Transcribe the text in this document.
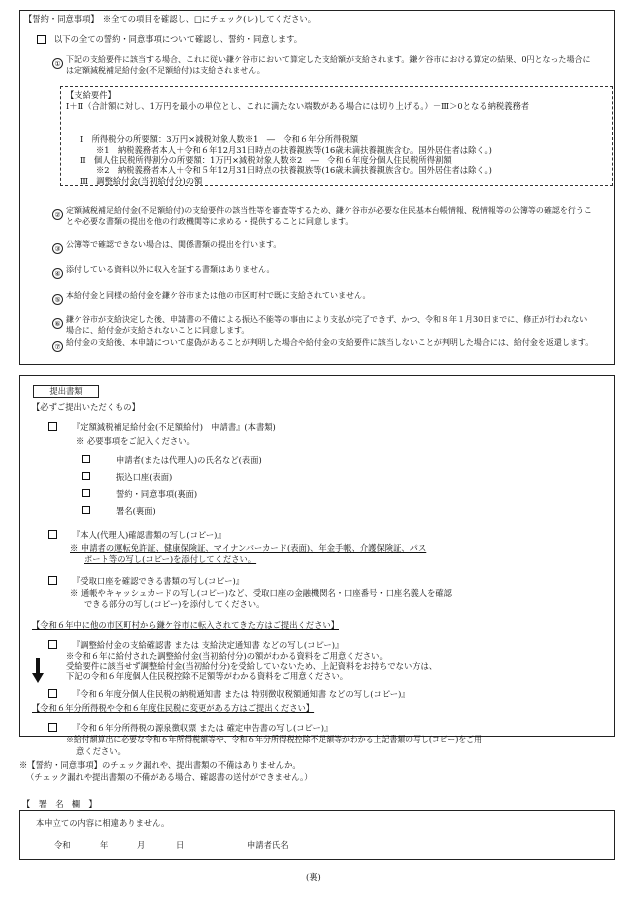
【誓約・同意事項】　※全ての項目を確認し、□にチェック(レ)してください。
以下の全ての誓約・同意事項について確認し、誓約・同意します。
① 下記の支給要件に該当する場合、これに従い鎌ケ谷市において算定した支給額が支給されます。鎌ケ谷市における算定の結果、0円となった場合には定額減税補足給付金(不足額給付)は支給されません。
【支給要件】
Ⅰ＋Ⅱ（合計額に対し、1万円を最小の単位とし、これに満たない端数がある場合には切り上げる。）－Ⅲ＞0となる納税義務者
Ⅰ　所得税分の所要額：3万円×減税対象人数※1　―　令和６年分所得税額
※1　納税義務者本人＋令和６年12月31日時点の扶養親族等(16歳未満扶養親族含む。国外居住者は除く。)
Ⅱ　個人住民税所得割分の所要額：1万円×減税対象人数※2　―　令和６年度分個人住民税所得割額
※2　納税義務者本人＋令和５年12月31日時点の扶養親族等(16歳未満扶養親族含む。国外居住者は除く。)
Ⅲ　調整給付金(当初給付分)の額
② 定額減税補足給付金(不足額給付)の支給要件の該当性等を審査等するため、鎌ケ谷市が必要な住民基本台帳情報、税情報等の公簿等の確認を行うことや必要な書類の提出を他の行政機関等に求める・提供することに同意します。
③ 公簿等で確認できない場合は、関係書類の提出を行います。
④ 添付している資料以外に収入を証する書類はありません。
⑤ 本給付金と同様の給付金を鎌ケ谷市または他の市区町村で既に支給されていません。
⑥ 鎌ケ谷市が支給決定した後、申請書の不備による振込不能等の事由により支払が完了できず、かつ、令和８年１月30日までに、修正が行われない場合に、給付金が支給されないことに同意します。
⑦ 給付金の支給後、本申請について虚偽があることが判明した場合や給付金の支給要件に該当しないことが判明した場合には、給付金を返還します。
提出書類
【必ずご提出いただくもの】
『定額減税補足給付金(不足額給付)　申請書』(本書類)
※ 必要事項をご記入ください。
申請者(または代理人)の氏名など(表面)
振込口座(表面)
誓約・同意事項(裏面)
署名(裏面)
『本人(代理人)確認書類の写し(コピー)』
※ 申請者の運転免許証、健康保険証、マイナンバーカード(表面)、年金手帳、介護保険証、パス
ポート等の写し(コピー)を添付してください。
『受取口座を確認できる書類の写し(コピー)』
※ 通帳やキャッシュカードの写し(コピー)など、受取口座の金融機関名・口座番号・口座名義人を確認
できる部分の写し(コピー)を添付してください。
【令和６年中に他の市区町村から鎌ケ谷市に転入されてきた方はご提出ください】
『調整給付金の支給確認書 または 支給決定通知書 などの写し(コピー)』
※令和６年に給付された調整給付金(当初給付分)の額がわかる資料をご用意ください。
受給要件に該当せず調整給付金(当初給付分)を受給していないため、上記資料をお持ちでない方は、
下記の令和６年度個人住民税控除不足額等がわかる資料をご用意ください。
『令和６年度分個人住民税の納税通知書 または 特別徴収税額通知書 などの写し(コピー)』
【令和６年分所得税や令和６年度住民税に変更がある方はご提出ください】
『令和６年分所得税の源泉徴収票 または 確定申告書の写し(コピー)』
※給付額算出に必要な令和６年所得税額等や、令和６年分所得税控除不足額等がわかる上記書類の写し(コピー)をご用
意ください。
※【誓約・同意事項】のチェック漏れや、提出書類の不備はありませんか。
（チェック漏れや提出書類の不備がある場合、確認書の送付ができません。）
【　署　名　欄　】
本申立ての内容に相違ありません。
令和	年	月	日	申請者氏名
(裏)
